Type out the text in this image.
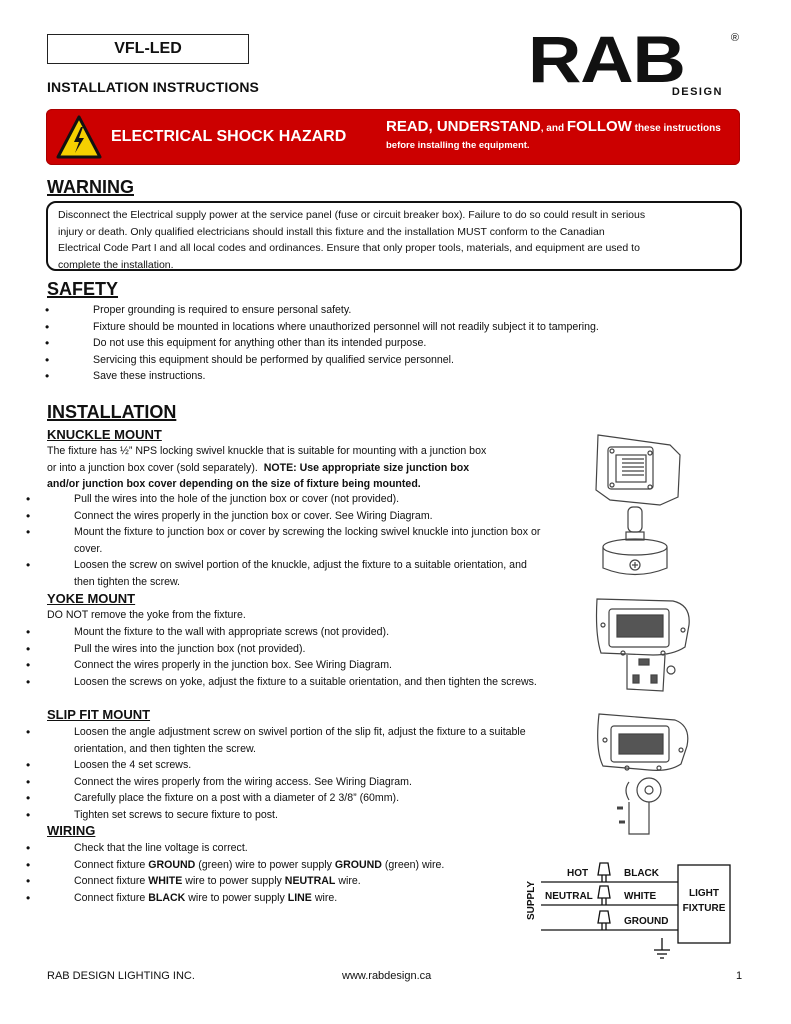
VFL-LED
INSTALLATION INSTRUCTIONS	RAB	®
DESIGN
ELECTRICAL SHOCK HAZARD
READ, UNDERSTAND, and FOLLOW these instructions
before installing the equipment.
WARNING
Disconnect the Electrical supply power at the service panel (fuse or circuit breaker box). Failure to do so could result in serious
injury or death. Only qualified electricians should install this fixture and the installation MUST conform to the Canadian
Electrical Code Part I and all local codes and ordinances. Ensure that only proper tools, materials, and equipment are used to
complete the installation.
SAFETY
• Proper grounding is required to ensure personal safety.
• Fixture should be mounted in locations where unauthorized personnel will not readily subject it to tampering.
• Do not use this equipment for anything other than its intended purpose.
• Servicing this equipment should be performed by qualified service personnel.
• Save these instructions.
INSTALLATION
KNUCKLE MOUNT
The fixture has ½” NPS locking swivel knuckle that is suitable for mounting with a junction box
or into a junction box cover (sold separately).  NOTE: Use appropriate size junction box
and/or junction box cover depending on the size of fixture being mounted.
• Pull the wires into the hole of the junction box or cover (not provided).
• Connect the wires properly in the junction box or cover. See Wiring Diagram.
• Mount the fixture to junction box or cover by screwing the locking swivel knuckle into junction box or cover.
• Loosen the screw on swivel portion of the knuckle, adjust the fixture to a suitable orientation, and then tighten the screw.
YOKE MOUNT
DO NOT remove the yoke from the fixture.
• Mount the fixture to the wall with appropriate screws (not provided).
• Pull the wires into the junction box (not provided).
• Connect the wires properly in the junction box. See Wiring Diagram.
• Loosen the screws on yoke, adjust the fixture to a suitable orientation, and then tighten the screws.
SLIP FIT MOUNT
• Loosen the angle adjustment screw on swivel portion of the slip fit, adjust the fixture to a suitable orientation, and then tighten the screw.
• Loosen the 4 set screws.
• Connect the wires properly from the wiring access. See Wiring Diagram.
• Carefully place the fixture on a post with a diameter of 2 3/8” (60mm).
• Tighten set screws to secure fixture to post.
WIRING
• Check that the line voltage is correct.
• Connect fixture GROUND (green) wire to power supply GROUND (green) wire.
• Connect fixture WHITE wire to power supply NEUTRAL wire.
• Connect fixture BLACK wire to power supply LINE wire.	SUPPLY
HOT
NEUTRAL
BLACK
WHITE
GROUND
LIGHT
FIXTURE
RAB DESIGN LIGHTING INC.	www.rabdesign.ca	1
